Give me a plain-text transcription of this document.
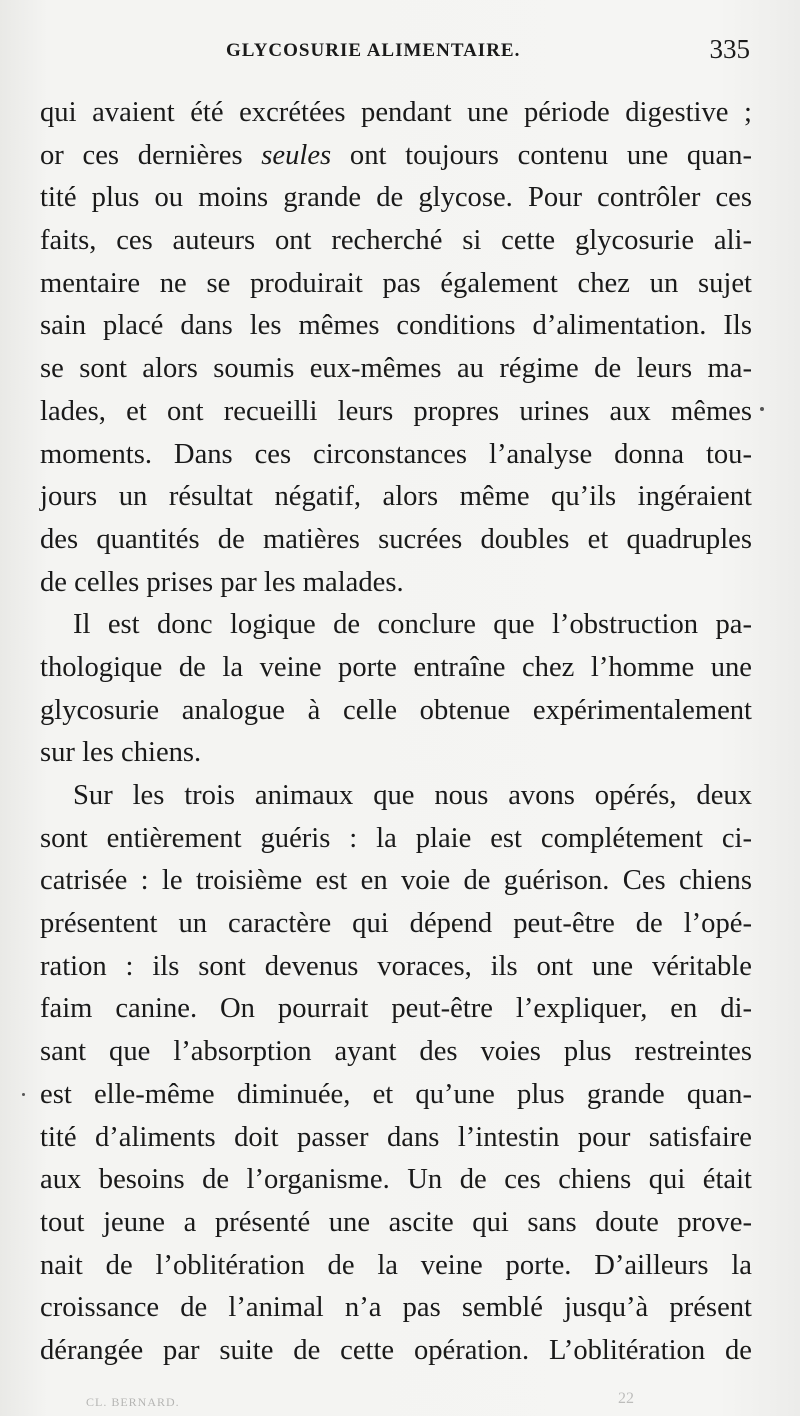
GLYCOSURIE ALIMENTAIRE.	335
qui avaient été excrétées pendant une période digestive ;
or ces dernières seules ont toujours contenu une quan-
tité plus ou moins grande de glycose. Pour contrôler ces
faits, ces auteurs ont recherché si cette glycosurie ali-
mentaire ne se produirait pas également chez un sujet
sain placé dans les mêmes conditions d’alimentation. Ils
se sont alors soumis eux-mêmes au régime de leurs ma-
lades, et ont recueilli leurs propres urines aux mêmes
moments. Dans ces circonstances l’analyse donna tou-
jours un résultat négatif, alors même qu’ils ingéraient
des quantités de matières sucrées doubles et quadruples
de celles prises par les malades.
Il est donc logique de conclure que l’obstruction pa-
thologique de la veine porte entraîne chez l’homme une
glycosurie analogue à celle obtenue expérimentalement
sur les chiens.
Sur les trois animaux que nous avons opérés, deux
sont entièrement guéris : la plaie est complétement ci-
catrisée : le troisième est en voie de guérison. Ces chiens
présentent un caractère qui dépend peut-être de l’opé-
ration : ils sont devenus voraces, ils ont une véritable
faim canine. On pourrait peut-être l’expliquer, en di-
sant que l’absorption ayant des voies plus restreintes
est elle-même diminuée, et qu’une plus grande quan-
tité d’aliments doit passer dans l’intestin pour satisfaire
aux besoins de l’organisme. Un de ces chiens qui était
tout jeune a présenté une ascite qui sans doute prove-
nait de l’oblitération de la veine porte. D’ailleurs la
croissance de l’animal n’a pas semblé jusqu’à présent
dérangée par suite de cette opération. L’oblitération de
CL. BERNARD.	22
